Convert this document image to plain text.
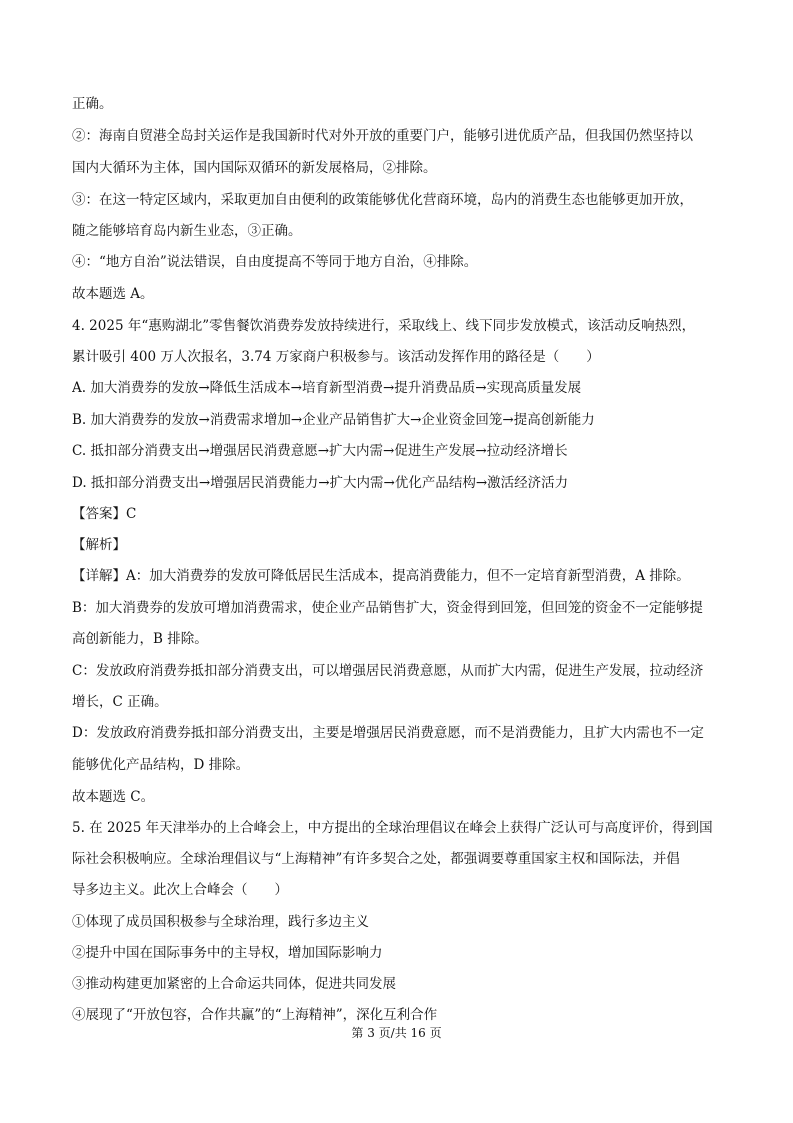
正确。
②：海南自贸港全岛封关运作是我国新时代对外开放的重要门户，能够引进优质产品，但我国仍然坚持以
国内大循环为主体，国内国际双循环的新发展格局，②排除。
③：在这一特定区域内，采取更加自由便利的政策能够优化营商环境，岛内的消费生态也能够更加开放，
随之能够培育岛内新生业态，③正确。
④：“地方自治”说法错误，自由度提高不等同于地方自治，④排除。
故本题选 A。
4. 2025 年“惠购湖北”零售餐饮消费券发放持续进行，采取线上、线下同步发放模式，该活动反响热烈，
累计吸引 400 万人次报名，3.74 万家商户积极参与。该活动发挥作用的路径是（　　）
A. 加大消费券的发放→降低生活成本→培育新型消费→提升消费品质→实现高质量发展
B. 加大消费券的发放→消费需求增加→企业产品销售扩大→企业资金回笼→提高创新能力
C. 抵扣部分消费支出→增强居民消费意愿→扩大内需→促进生产发展→拉动经济增长
D. 抵扣部分消费支出→增强居民消费能力→扩大内需→优化产品结构→激活经济活力
【答案】C
【解析】
【详解】A：加大消费券的发放可降低居民生活成本，提高消费能力，但不一定培育新型消费，A 排除。
B：加大消费券的发放可增加消费需求，使企业产品销售扩大，资金得到回笼，但回笼的资金不一定能够提
高创新能力，B 排除。
C：发放政府消费券抵扣部分消费支出，可以增强居民消费意愿，从而扩大内需，促进生产发展，拉动经济
增长，C 正确。
D：发放政府消费券抵扣部分消费支出，主要是增强居民消费意愿，而不是消费能力，且扩大内需也不一定
能够优化产品结构，D 排除。
故本题选 C。
5. 在 2025 年天津举办的上合峰会上，中方提出的全球治理倡议在峰会上获得广泛认可与高度评价，得到国
际社会积极响应。全球治理倡议与“上海精神”有许多契合之处，都强调要尊重国家主权和国际法，并倡
导多边主义。此次上合峰会（　　）
①体现了成员国积极参与全球治理，践行多边主义
②提升中国在国际事务中的主导权，增加国际影响力
③推动构建更加紧密的上合命运共同体，促进共同发展
④展现了“开放包容，合作共赢”的“上海精神”，深化互利合作
第 3 页/共 16 页
